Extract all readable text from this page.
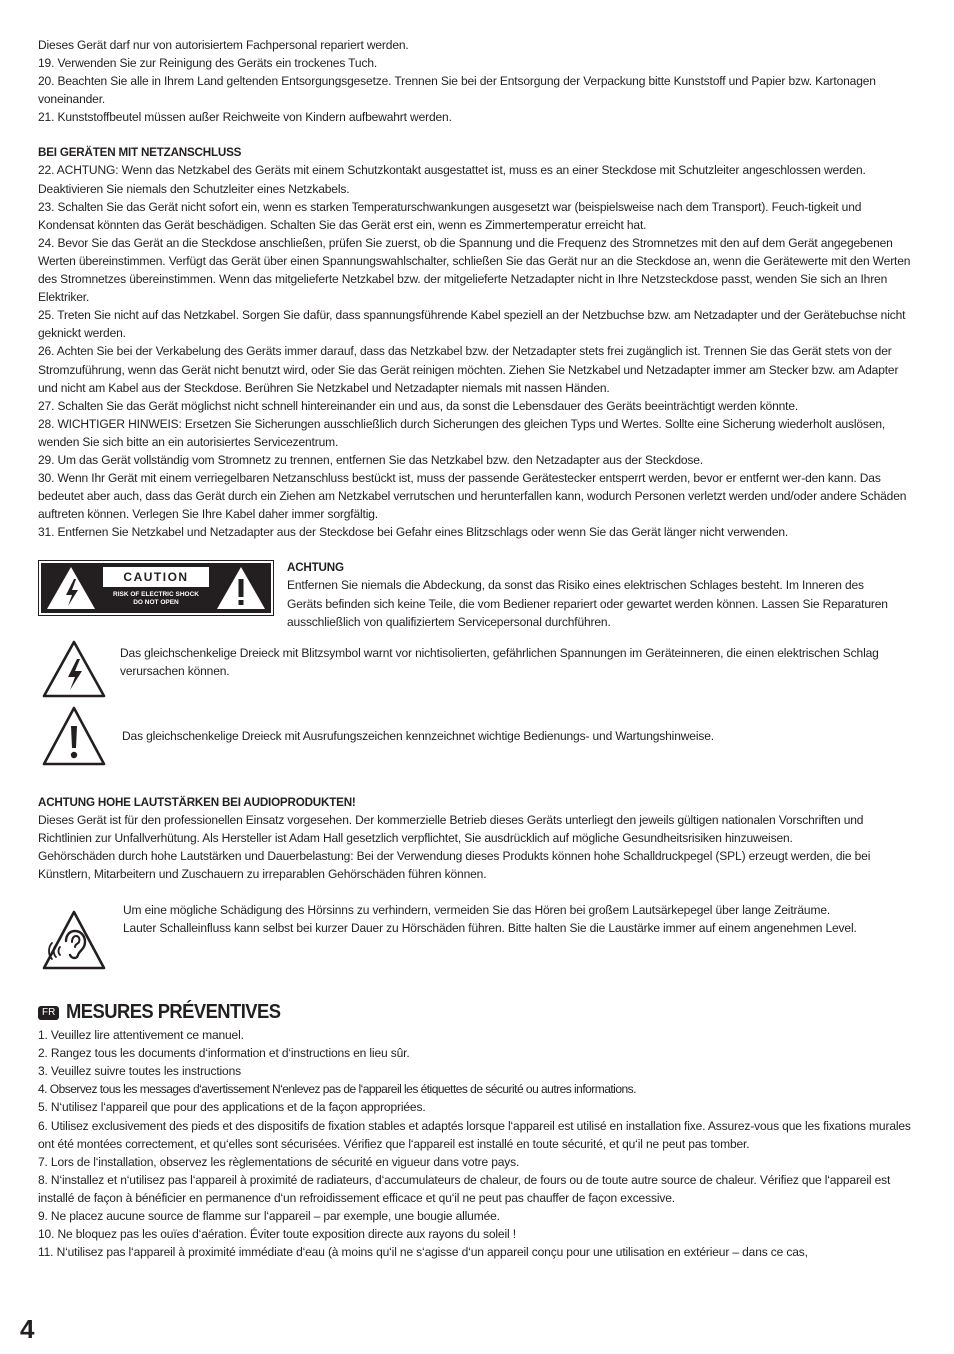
Dieses Gerät darf nur von autorisiertem Fachpersonal repariert werden.

19. Verwenden Sie zur Reinigung des Geräts ein trockenes Tuch.

20. Beachten Sie alle in Ihrem Land geltenden Entsorgungsgesetze. Trennen Sie bei der Entsorgung der Verpackung bitte Kunststoff und Papier bzw. Kartonagen voneinander.

21. Kunststoffbeutel müssen außer Reichweite von Kindern aufbewahrt werden.

BEI GERÄTEN MIT NETZANSCHLUSS

22. ACHTUNG: Wenn das Netzkabel des Geräts mit einem Schutzkontakt ausgestattet ist, muss es an einer Steckdose mit Schutzleiter angeschlossen werden. Deaktivieren Sie niemals den Schutzleiter eines Netzkabels.

23. Schalten Sie das Gerät nicht sofort ein, wenn es starken Temperaturschwankungen ausgesetzt war (beispielsweise nach dem Transport). Feuch-tigkeit und Kondensat könnten das Gerät beschädigen. Schalten Sie das Gerät erst ein, wenn es Zimmertemperatur erreicht hat.

24. Bevor Sie das Gerät an die Steckdose anschließen, prüfen Sie zuerst, ob die Spannung und die Frequenz des Stromnetzes mit den auf dem Gerät angegebenen Werten übereinstimmen. Verfügt das Gerät über einen Spannungswahlschalter, schließen Sie das Gerät nur an die Steckdose an, wenn die Gerätewerte mit den Werten des Stromnetzes übereinstimmen. Wenn das mitgelieferte Netzkabel bzw. der mitgelieferte Netzadapter nicht in Ihre Netzsteckdose passt, wenden Sie sich an Ihren Elektriker.

25. Treten Sie nicht auf das Netzkabel. Sorgen Sie dafür, dass spannungsführende Kabel speziell an der Netzbuchse bzw. am Netzadapter und der Gerätebuchse nicht geknickt werden.

26. Achten Sie bei der Verkabelung des Geräts immer darauf, dass das Netzkabel bzw. der Netzadapter stets frei zugänglich ist. Trennen Sie das Gerät stets von der Stromzuführung, wenn das Gerät nicht benutzt wird, oder Sie das Gerät reinigen möchten. Ziehen Sie Netzkabel und Netzadapter immer am Stecker bzw. am Adapter und nicht am Kabel aus der Steckdose. Berühren Sie Netzkabel und Netzadapter niemals mit nassen Händen.

27. Schalten Sie das Gerät möglichst nicht schnell hintereinander ein und aus, da sonst die Lebensdauer des Geräts beeinträchtigt werden könnte.

28. WICHTIGER HINWEIS: Ersetzen Sie Sicherungen ausschließlich durch Sicherungen des gleichen Typs und Wertes. Sollte eine Sicherung wiederholt auslösen, wenden Sie sich bitte an ein autorisiertes Servicezentrum.

29. Um das Gerät vollständig vom Stromnetz zu trennen, entfernen Sie das Netzkabel bzw. den Netzadapter aus der Steckdose.

30. Wenn Ihr Gerät mit einem verriegelbaren Netzanschluss bestückt ist, muss der passende Gerätestecker entsperrt werden, bevor er entfernt wer-den kann. Das bedeutet aber auch, dass das Gerät durch ein Ziehen am Netzkabel verrutschen und herunterfallen kann, wodurch Personen verletzt werden und/oder andere Schäden auftreten können. Verlegen Sie Ihre Kabel daher immer sorgfältig.

31. Entfernen Sie Netzkabel und Netzadapter aus der Steckdose bei Gefahr eines Blitzschlags oder wenn Sie das Gerät länger nicht verwenden.

CAUTION
RISK OF ELECTRIC SHOCK
DO NOT OPEN

ACHTUNG

Entfernen Sie niemals die Abdeckung, da sonst das Risiko eines elektrischen Schlages besteht. Im Inneren des Geräts befinden sich keine Teile, die vom Bediener repariert oder gewartet werden können. Lassen Sie Reparaturen ausschließlich von qualifiziertem Servicepersonal durchführen.

Das gleichschenkelige Dreieck mit Blitzsymbol warnt vor nichtisolierten, gefährlichen Spannungen im Geräteinneren, die einen elektrischen Schlag verursachen können.
Das gleichschenkelige Dreieck mit Ausrufungszeichen kennzeichnet wichtige Bedienungs- und Wartungshinweise.

ACHTUNG HOHE LAUTSTÄRKEN BEI AUDIOPRODUKTEN!

Dieses Gerät ist für den professionellen Einsatz vorgesehen. Der kommerzielle Betrieb dieses Geräts unterliegt den jeweils gültigen nationalen Vorschriften und Richtlinien zur Unfallverhütung. Als Hersteller ist Adam Hall gesetzlich verpflichtet, Sie ausdrücklich auf mögliche Gesundheitsrisiken hinzuweisen.

Gehörschäden durch hohe Lautstärken und Dauerbelastung: Bei der Verwendung dieses Produkts können hohe Schalldruckpegel (SPL) erzeugt werden, die bei Künstlern, Mitarbeitern und Zuschauern zu irreparablen Gehörschäden führen können.

Um eine mögliche Schädigung des Hörsinns zu verhindern, vermeiden Sie das Hören bei großem Lautsärkepegel über lange Zeiträume.

Lauter Schalleinfluss kann selbst bei kurzer Dauer zu Hörschäden führen. Bitte halten Sie die Laustärke immer auf einem angenehmen Level.

FR MESURES PRÉVENTIVES

1. Veuillez lire attentivement ce manuel.

2. Rangez tous les documents d‘information et d‘instructions en lieu sûr.

3. Veuillez suivre toutes les instructions

4. Observez tous les messages d‘avertissement N‘enlevez pas de l‘appareil les étiquettes de sécurité ou autres informations.

5. N‘utilisez l‘appareil que pour des applications et de la façon appropriées.

6. Utilisez exclusivement des pieds et des dispositifs de fixation stables et adaptés lorsque l‘appareil est utilisé en installation fixe. Assurez-vous que les fixations murales ont été montées correctement, et qu‘elles sont sécurisées. Vérifiez que l‘appareil est installé en toute sécurité, et qu‘il ne peut pas tomber.

7. Lors de l‘installation, observez les règlementations de sécurité en vigueur dans votre pays.

8. N‘installez et n‘utilisez pas l‘appareil à proximité de radiateurs, d‘accumulateurs de chaleur, de fours ou de toute autre source de chaleur. Vérifiez que l‘appareil est installé de façon à bénéficier en permanence d‘un refroidissement efficace et qu‘il ne peut pas chauffer de façon excessive.

9. Ne placez aucune source de flamme sur l‘appareil – par exemple, une bougie allumée.

10. Ne bloquez pas les ouïes d‘aération. Éviter toute exposition directe aux rayons du soleil !

11. N‘utilisez pas l‘appareil à proximité immédiate d‘eau (à moins qu‘il ne s‘agisse d‘un appareil conçu pour une utilisation en extérieur – dans ce cas,

4
